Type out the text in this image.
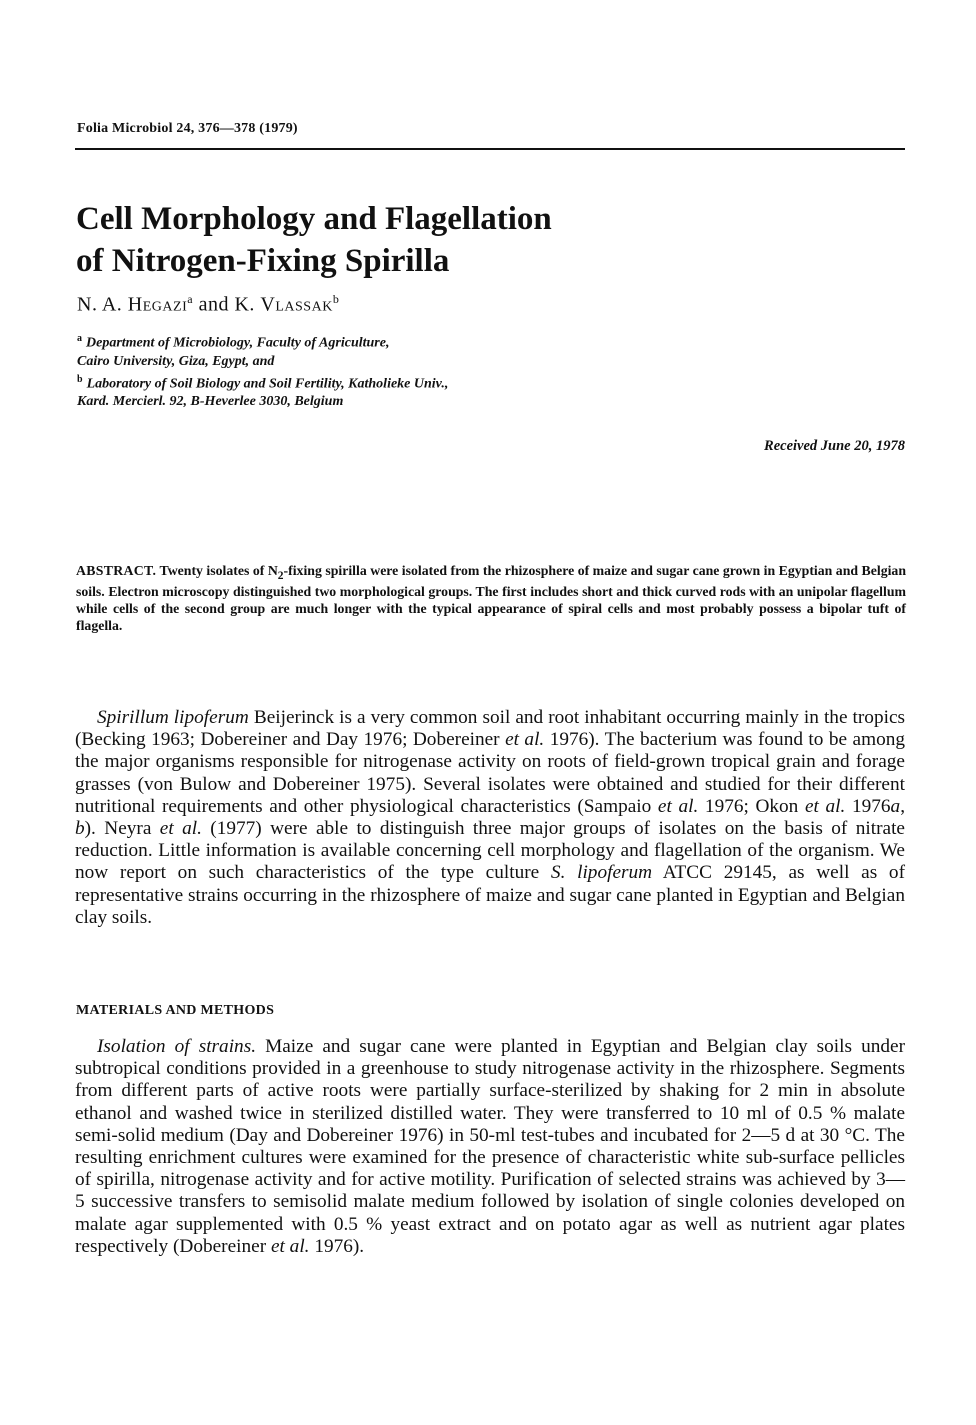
Folia Microbiol 24, 376—378 (1979)
Cell Morphology and Flagellation
of Nitrogen-Fixing Spirilla
N. A. Hegazi$^a$ and K. Vlassak$^b$
$^a$ Department of Microbiology, Faculty of Agriculture,
Cairo University, Giza, Egypt, and
$^b$ Laboratory of Soil Biology and Soil Fertility, Katholieke Univ.,
Kard. Mercierl. 92, B-Heverlee 3030, Belgium
Received June 20, 1978
ABSTRACT. Twenty isolates of $N_2$-fixing spirilla were isolated from the rhizosphere of maize and sugar cane grown in Egyptian and Belgian soils. Electron microscopy distinguished two morphological groups. The first includes short and thick curved rods with an unipolar flagellum while cells of the second group are much longer with the typical appearance of spiral cells and most probably possess a bipolar tuft of flagella.
Spirillum lipoferum Beijerinck is a very common soil and root inhabitant occurring mainly in the tropics (Becking 1963; Dobereiner and Day 1976; Dobereiner et al. 1976). The bacterium was found to be among the major organisms responsible for nitrogenase activity on roots of field-grown tropical grain and forage grasses (von Bulow and Dobereiner 1975). Several isolates were obtained and studied for their different nutritional requirements and other physiological characteristics (Sampaio et al. 1976; Okon et al. 1976a, b). Neyra et al. (1977) were able to distinguish three major groups of isolates on the basis of nitrate reduction. Little information is available concerning cell morphology and flagellation of the organism. We now report on such characteristics of the type culture S. lipoferum ATCC 29145, as well as of representative strains occurring in the rhizosphere of maize and sugar cane planted in Egyptian and Belgian clay soils.
MATERIALS AND METHODS
Isolation of strains. Maize and sugar cane were planted in Egyptian and Belgian clay soils under subtropical conditions provided in a greenhouse to study nitrogenase activity in the rhizosphere. Segments from different parts of active roots were partially surface-sterilized by shaking for 2 min in absolute ethanol and washed twice in sterilized distilled water. They were transferred to 10 ml of 0.5 % malate semi-solid medium (Day and Dobereiner 1976) in 50-ml test-tubes and incubated for 2—5 d at 30 °C. The resulting enrichment cultures were examined for the presence of characteristic white sub-surface pellicles of spirilla, nitrogenase activity and for active motility. Purification of selected strains was achieved by 3—5 successive transfers to semisolid malate medium followed by isolation of single colonies developed on malate agar supplemented with 0.5 % yeast extract and on potato agar as well as nutrient agar plates respectively (Dobereiner et al. 1976).
